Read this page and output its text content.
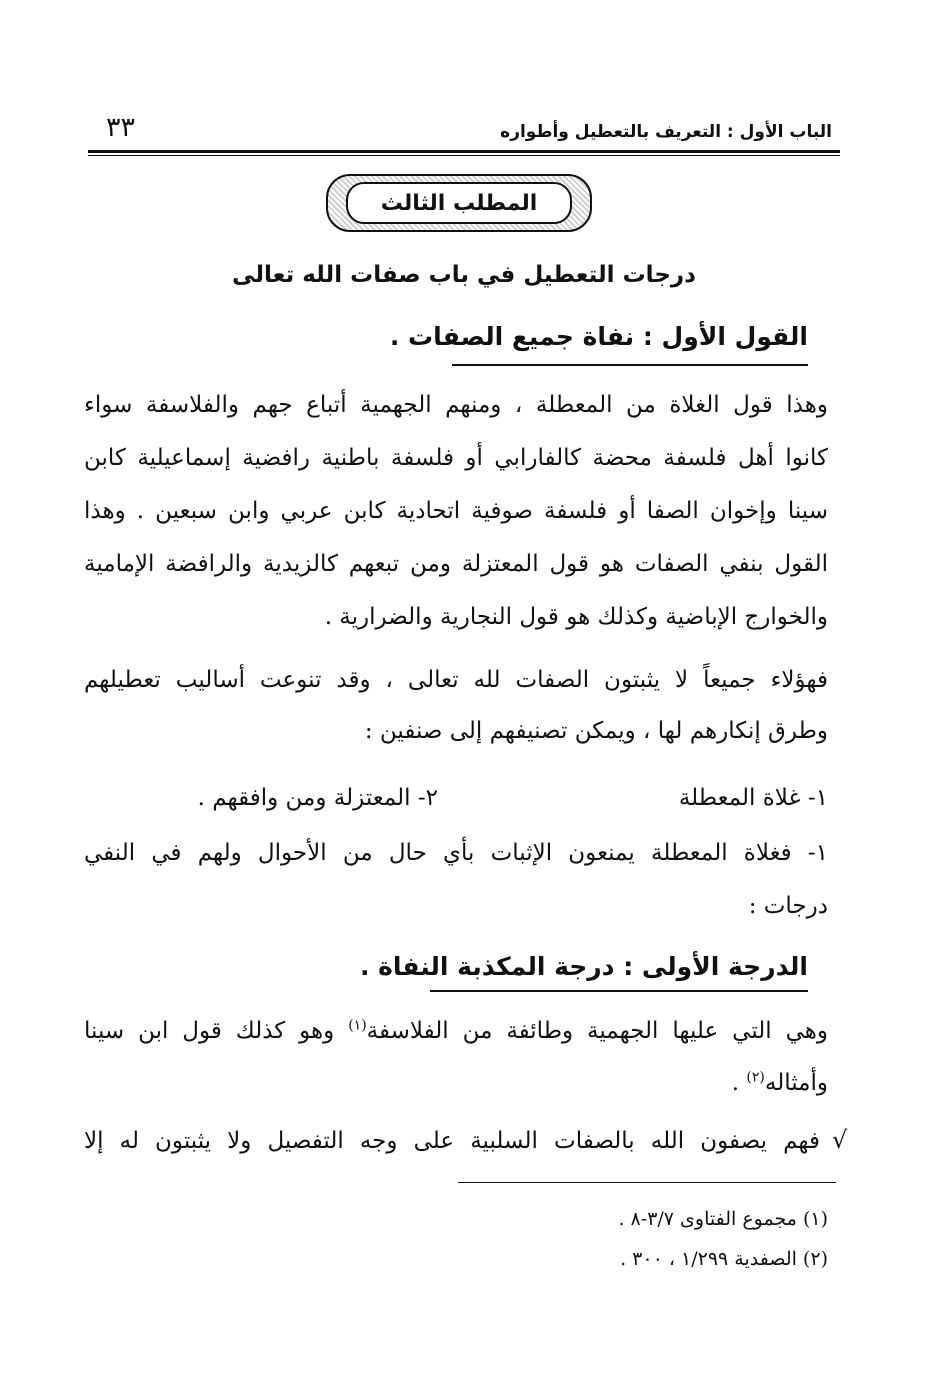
الباب الأول : التعريف بالتعطيل وأطواره
٣٣
المطلب الثالث
درجات التعطيل في باب صفات الله تعالى
القول الأول : نفاة جميع الصفات .
وهذا قول الغلاة من المعطلة ، ومنهم الجهمية أتباع جهم والفلاسفة سواء
كانوا أهل فلسفة محضة كالفارابي أو فلسفة باطنية رافضية إسماعيلية كابن
سينا وإخوان الصفا أو فلسفة صوفية اتحادية كابن عربي وابن سبعين . وهذا
القول بنفي الصفات هو قول المعتزلة ومن تبعهم كالزيدية والرافضة الإمامية
والخوارج الإباضية وكذلك هو قول النجارية والضرارية .
فهؤلاء جميعاً لا يثبتون الصفات لله تعالى ، وقد تنوعت أساليب تعطيلهم
وطرق إنكارهم لها ، ويمكن تصنيفهم إلى صنفين :
١- غلاة المعطلة
٢- المعتزلة ومن وافقهم .
١- فغلاة المعطلة يمنعون الإثبات بأي حال من الأحوال ولهم في النفي
درجات :
الدرجة الأولى : درجة المكذبة النفاة .
وهي التي عليها الجهمية وطائفة من الفلاسفة$^{(١)}$ وهو كذلك قول ابن سينا
وأمثاله$^{(٢)}$ .
فهم يصفون الله بالصفات السلبية على وجه التفصيل ولا يثبتون له إلا √
(١) مجموع الفتاوى ٣/٧-٨ .
(٢) الصفدية ١/٢٩٩ ، ٣٠٠ .
